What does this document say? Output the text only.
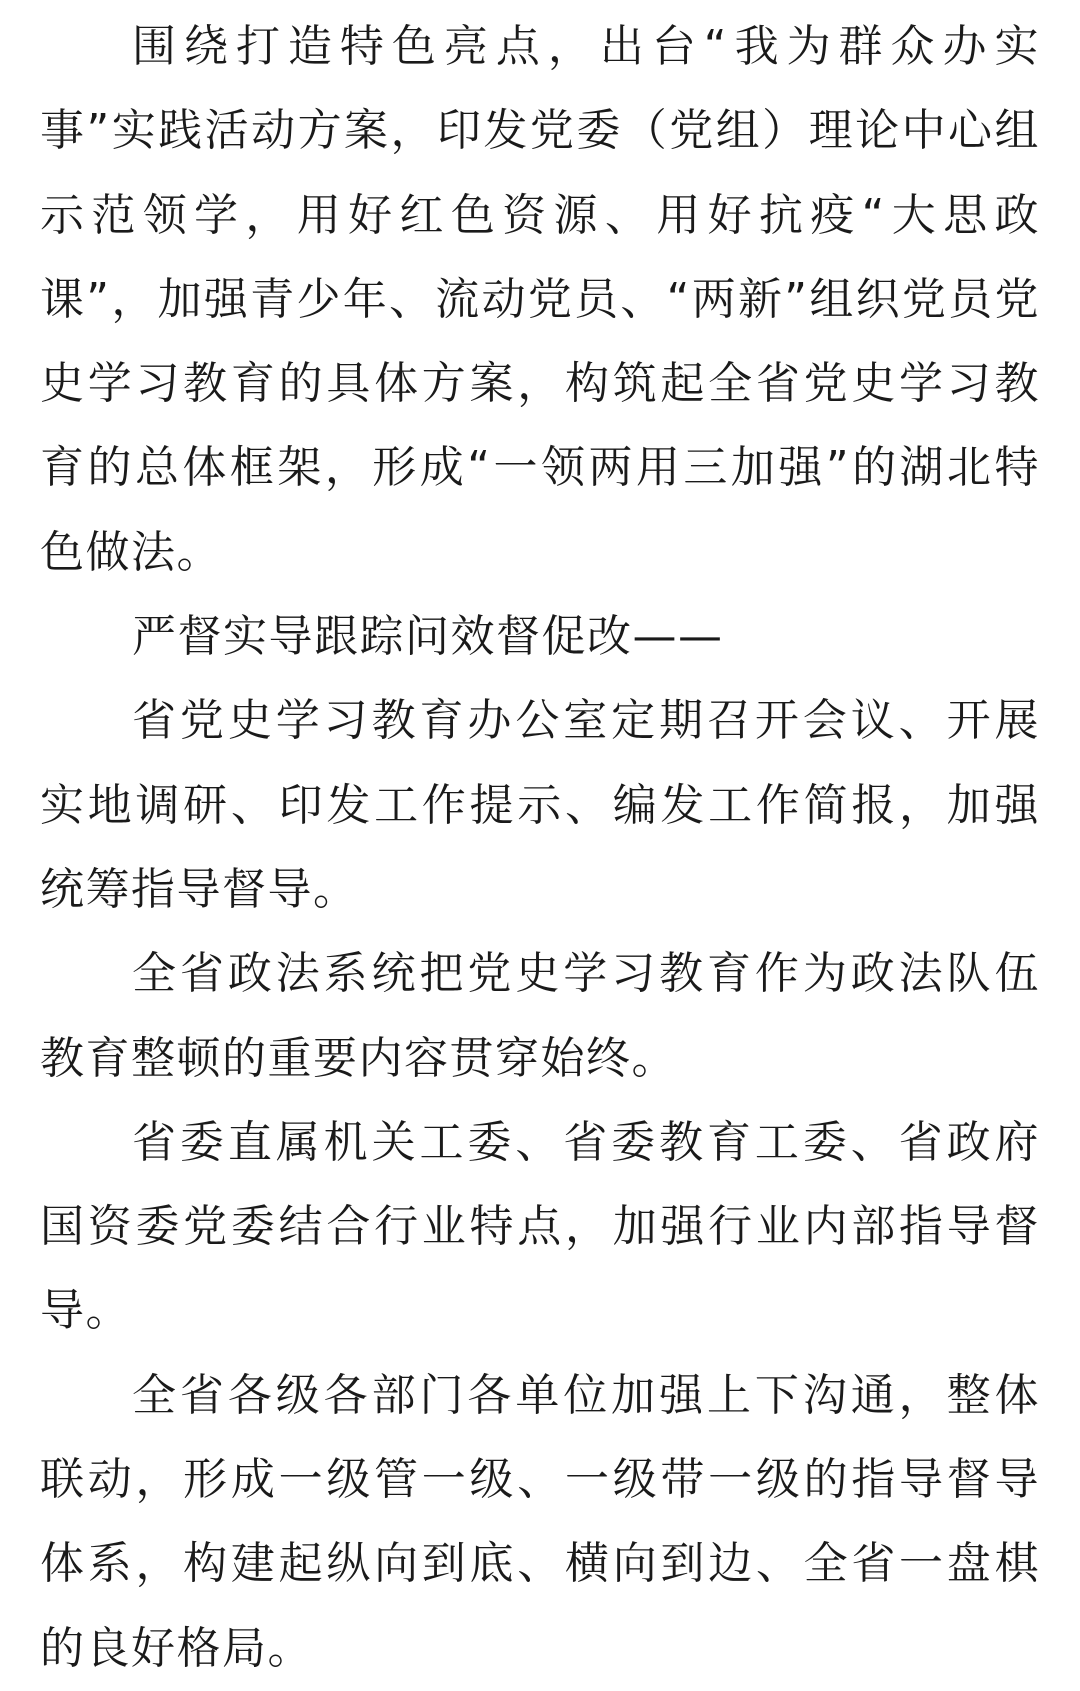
围绕打造特色亮点，出台“我为群众办实事”实践活动方案，印发党委（党组）理论中心组示范领学，用好红色资源、用好抗疫“大思政课”，加强青少年、流动党员、“两新”组织党员党史学习教育的具体方案，构筑起全省党史学习教育的总体框架，形成“一领两用三加强”的湖北特色做法。

严督实导跟踪问效督促改——

省党史学习教育办公室定期召开会议、开展实地调研、印发工作提示、编发工作简报，加强统筹指导督导。

全省政法系统把党史学习教育作为政法队伍教育整顿的重要内容贯穿始终。

省委直属机关工委、省委教育工委、省政府国资委党委结合行业特点，加强行业内部指导督导。

全省各级各部门各单位加强上下沟通，整体联动，形成一级管一级、一级带一级的指导督导体系，构建起纵向到底、横向到边、全省一盘棋的良好格局。
